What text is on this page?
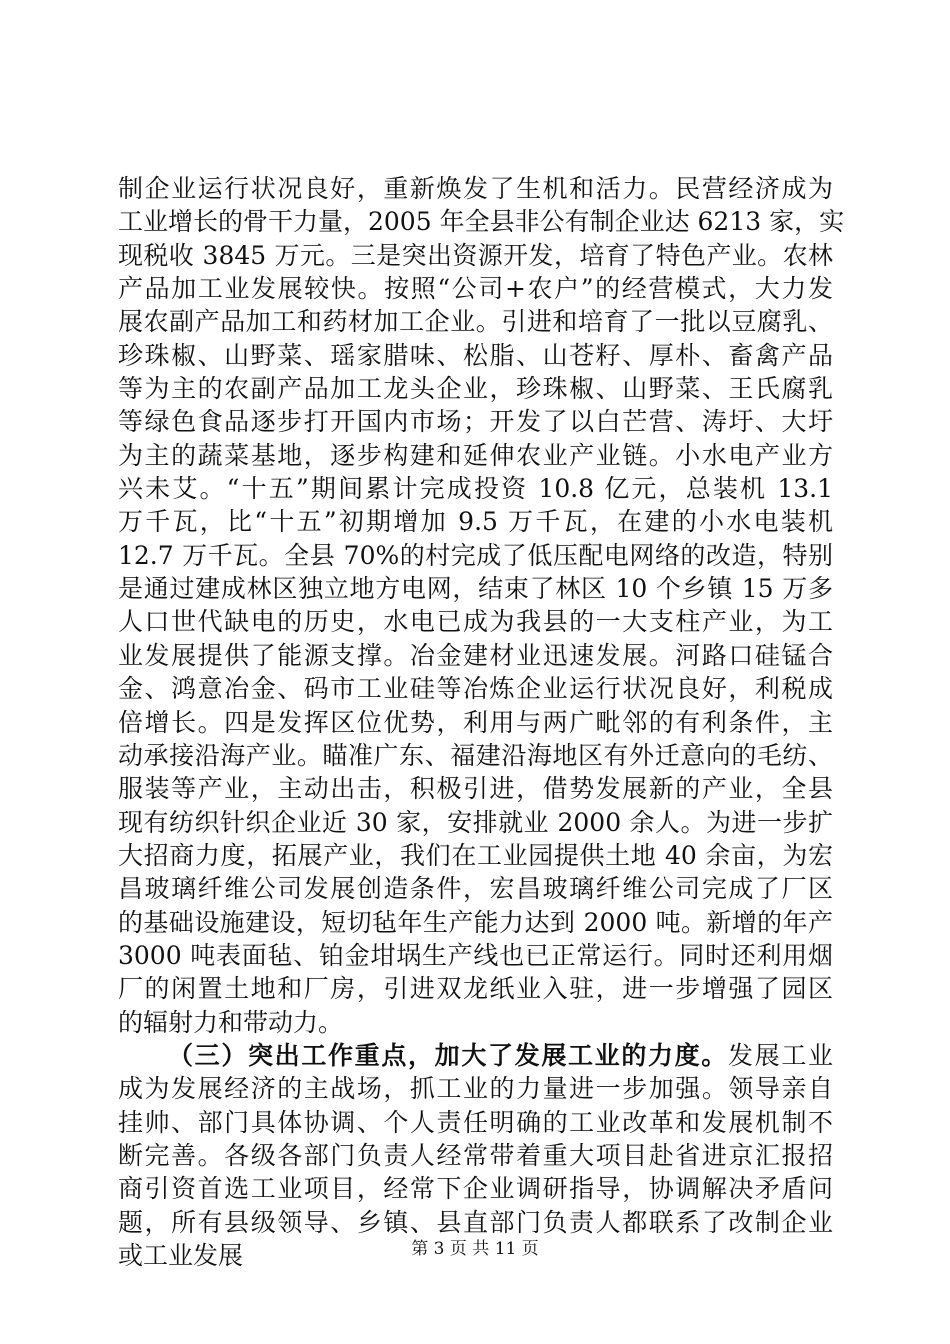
制企业运行状况良好，重新焕发了生机和活力。民营经济成为
工业增长的骨干力量，2005 年全县非公有制企业达 6213 家，实
现税收 3845 万元。三是突出资源开发，培育了特色产业。农林
产品加工业发展较快。按照“公司+农户”的经营模式，大力发
展农副产品加工和药材加工企业。引进和培育了一批以豆腐乳、
珍珠椒、山野菜、瑶家腊味、松脂、山苍籽、厚朴、畜禽产品
等为主的农副产品加工龙头企业，珍珠椒、山野菜、王氏腐乳
等绿色食品逐步打开国内市场；开发了以白芒营、涛圩、大圩
为主的蔬菜基地，逐步构建和延伸农业产业链。小水电产业方
兴未艾。“十五”期间累计完成投资 10.8 亿元，总装机 13.1
万千瓦，比“十五”初期增加 9.5 万千瓦，在建的小水电装机
12.7 万千瓦。全县 70%的村完成了低压配电网络的改造，特别
是通过建成林区独立地方电网，结束了林区 10 个乡镇 15 万多
人口世代缺电的历史，水电已成为我县的一大支柱产业，为工
业发展提供了能源支撑。冶金建材业迅速发展。河路口硅锰合
金、鸿意冶金、码市工业硅等冶炼企业运行状况良好，利税成
倍增长。四是发挥区位优势，利用与两广毗邻的有利条件，主
动承接沿海产业。瞄准广东、福建沿海地区有外迁意向的毛纺、
服装等产业，主动出击，积极引进，借势发展新的产业，全县
现有纺织针织企业近 30 家，安排就业 2000 余人。为进一步扩
大招商力度，拓展产业，我们在工业园提供土地 40 余亩，为宏
昌玻璃纤维公司发展创造条件，宏昌玻璃纤维公司完成了厂区
的基础设施建设，短切毡年生产能力达到 2000 吨。新增的年产
3000 吨表面毡、铂金坩埚生产线也已正常运行。同时还利用烟
厂的闲置土地和厂房，引进双龙纸业入驻，进一步增强了园区
的辐射力和带动力。
（三）突出工作重点，加大了发展工业的力度。发展工业
成为发展经济的主战场，抓工业的力量进一步加强。领导亲自
挂帅、部门具体协调、个人责任明确的工业改革和发展机制不
断完善。各级各部门负责人经常带着重大项目赴省进京汇报招
商引资首选工业项目，经常下企业调研指导，协调解决矛盾问
题，所有县级领导、乡镇、县直部门负责人都联系了改制企业
或工业发展	第 3 页 共 11 页
